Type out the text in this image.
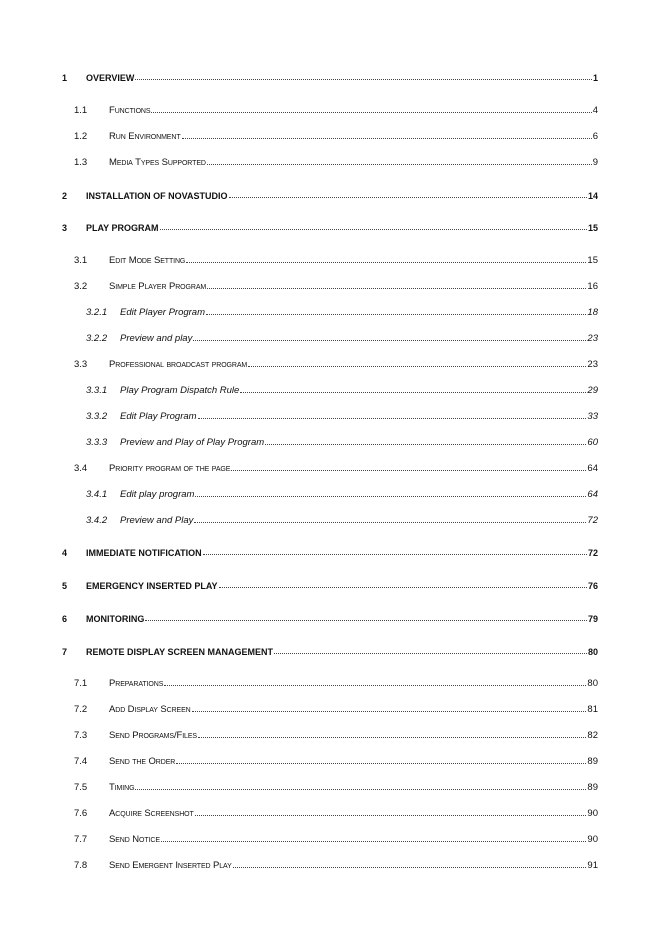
1	OVERVIEW	1
1.1	Functions	4
1.2	Run Environment	6
1.3	Media Types Supported	9
2	INSTALLATION OF NOVASTUDIO	14
3	PLAY PROGRAM	15
3.1	Edit Mode Setting	15
3.2	Simple Player Program	16
3.2.1	Edit Player Program	18
3.2.2	Preview and play	23
3.3	Professional broadcast program	23
3.3.1	Play Program Dispatch Rule	29
3.3.2	Edit Play Program	33
3.3.3	Preview and Play of Play Program	60
3.4	Priority program of the page	64
3.4.1	Edit play program	64
3.4.2	Preview and Play	72
4	IMMEDIATE NOTIFICATION	72
5	EMERGENCY INSERTED PLAY	76
6	MONITORING	79
7	REMOTE DISPLAY SCREEN MANAGEMENT	80
7.1	Preparations	80
7.2	Add Display Screen	81
7.3	Send Programs/Files	82
7.4	Send the Order	89
7.5	Timing	89
7.6	Acquire Screenshot	90
7.7	Send Notice	90
7.8	Send Emergent Inserted Play	91
